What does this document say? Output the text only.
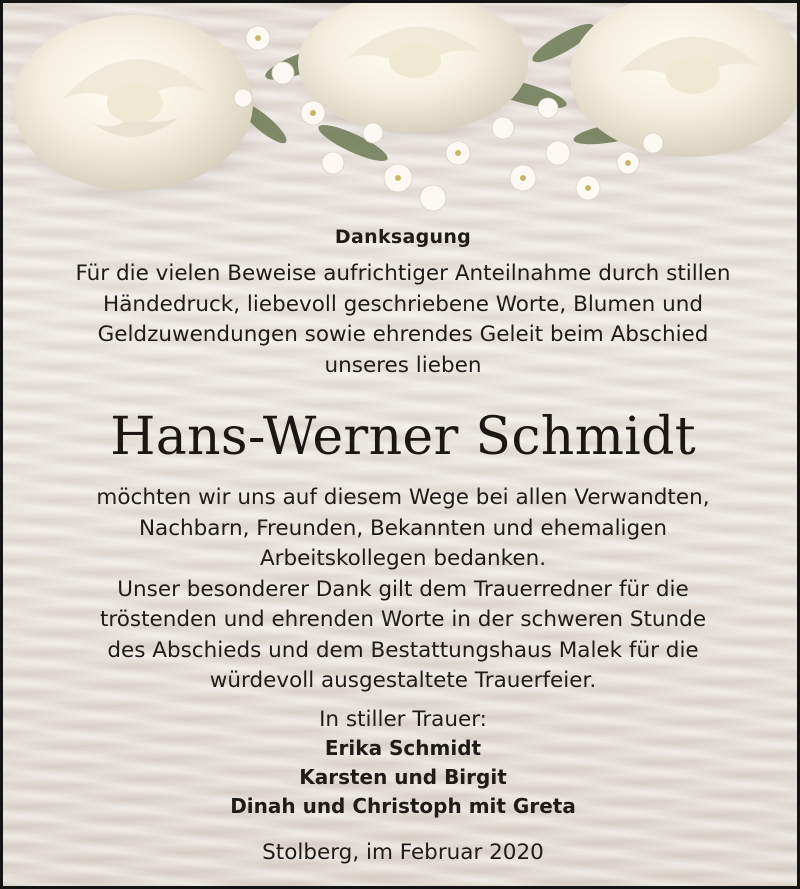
Danksagung
Für die vielen Beweise aufrichtiger Anteilnahme durch stillen
Händedruck, liebevoll geschriebene Worte, Blumen und
Geldzuwendungen sowie ehrendes Geleit beim Abschied
unseres lieben
Hans-Werner Schmidt
möchten wir uns auf diesem Wege bei allen Verwandten,
Nachbarn, Freunden, Bekannten und ehemaligen
Arbeitskollegen bedanken.
Unser besonderer Dank gilt dem Trauerredner für die
tröstenden und ehrenden Worte in der schweren Stunde
des Abschieds und dem Bestattungshaus Malek für die
würdevoll ausgestaltete Trauerfeier.
In stiller Trauer:
Erika Schmidt
Karsten und Birgit
Dinah und Christoph mit Greta
Stolberg, im Februar 2020
